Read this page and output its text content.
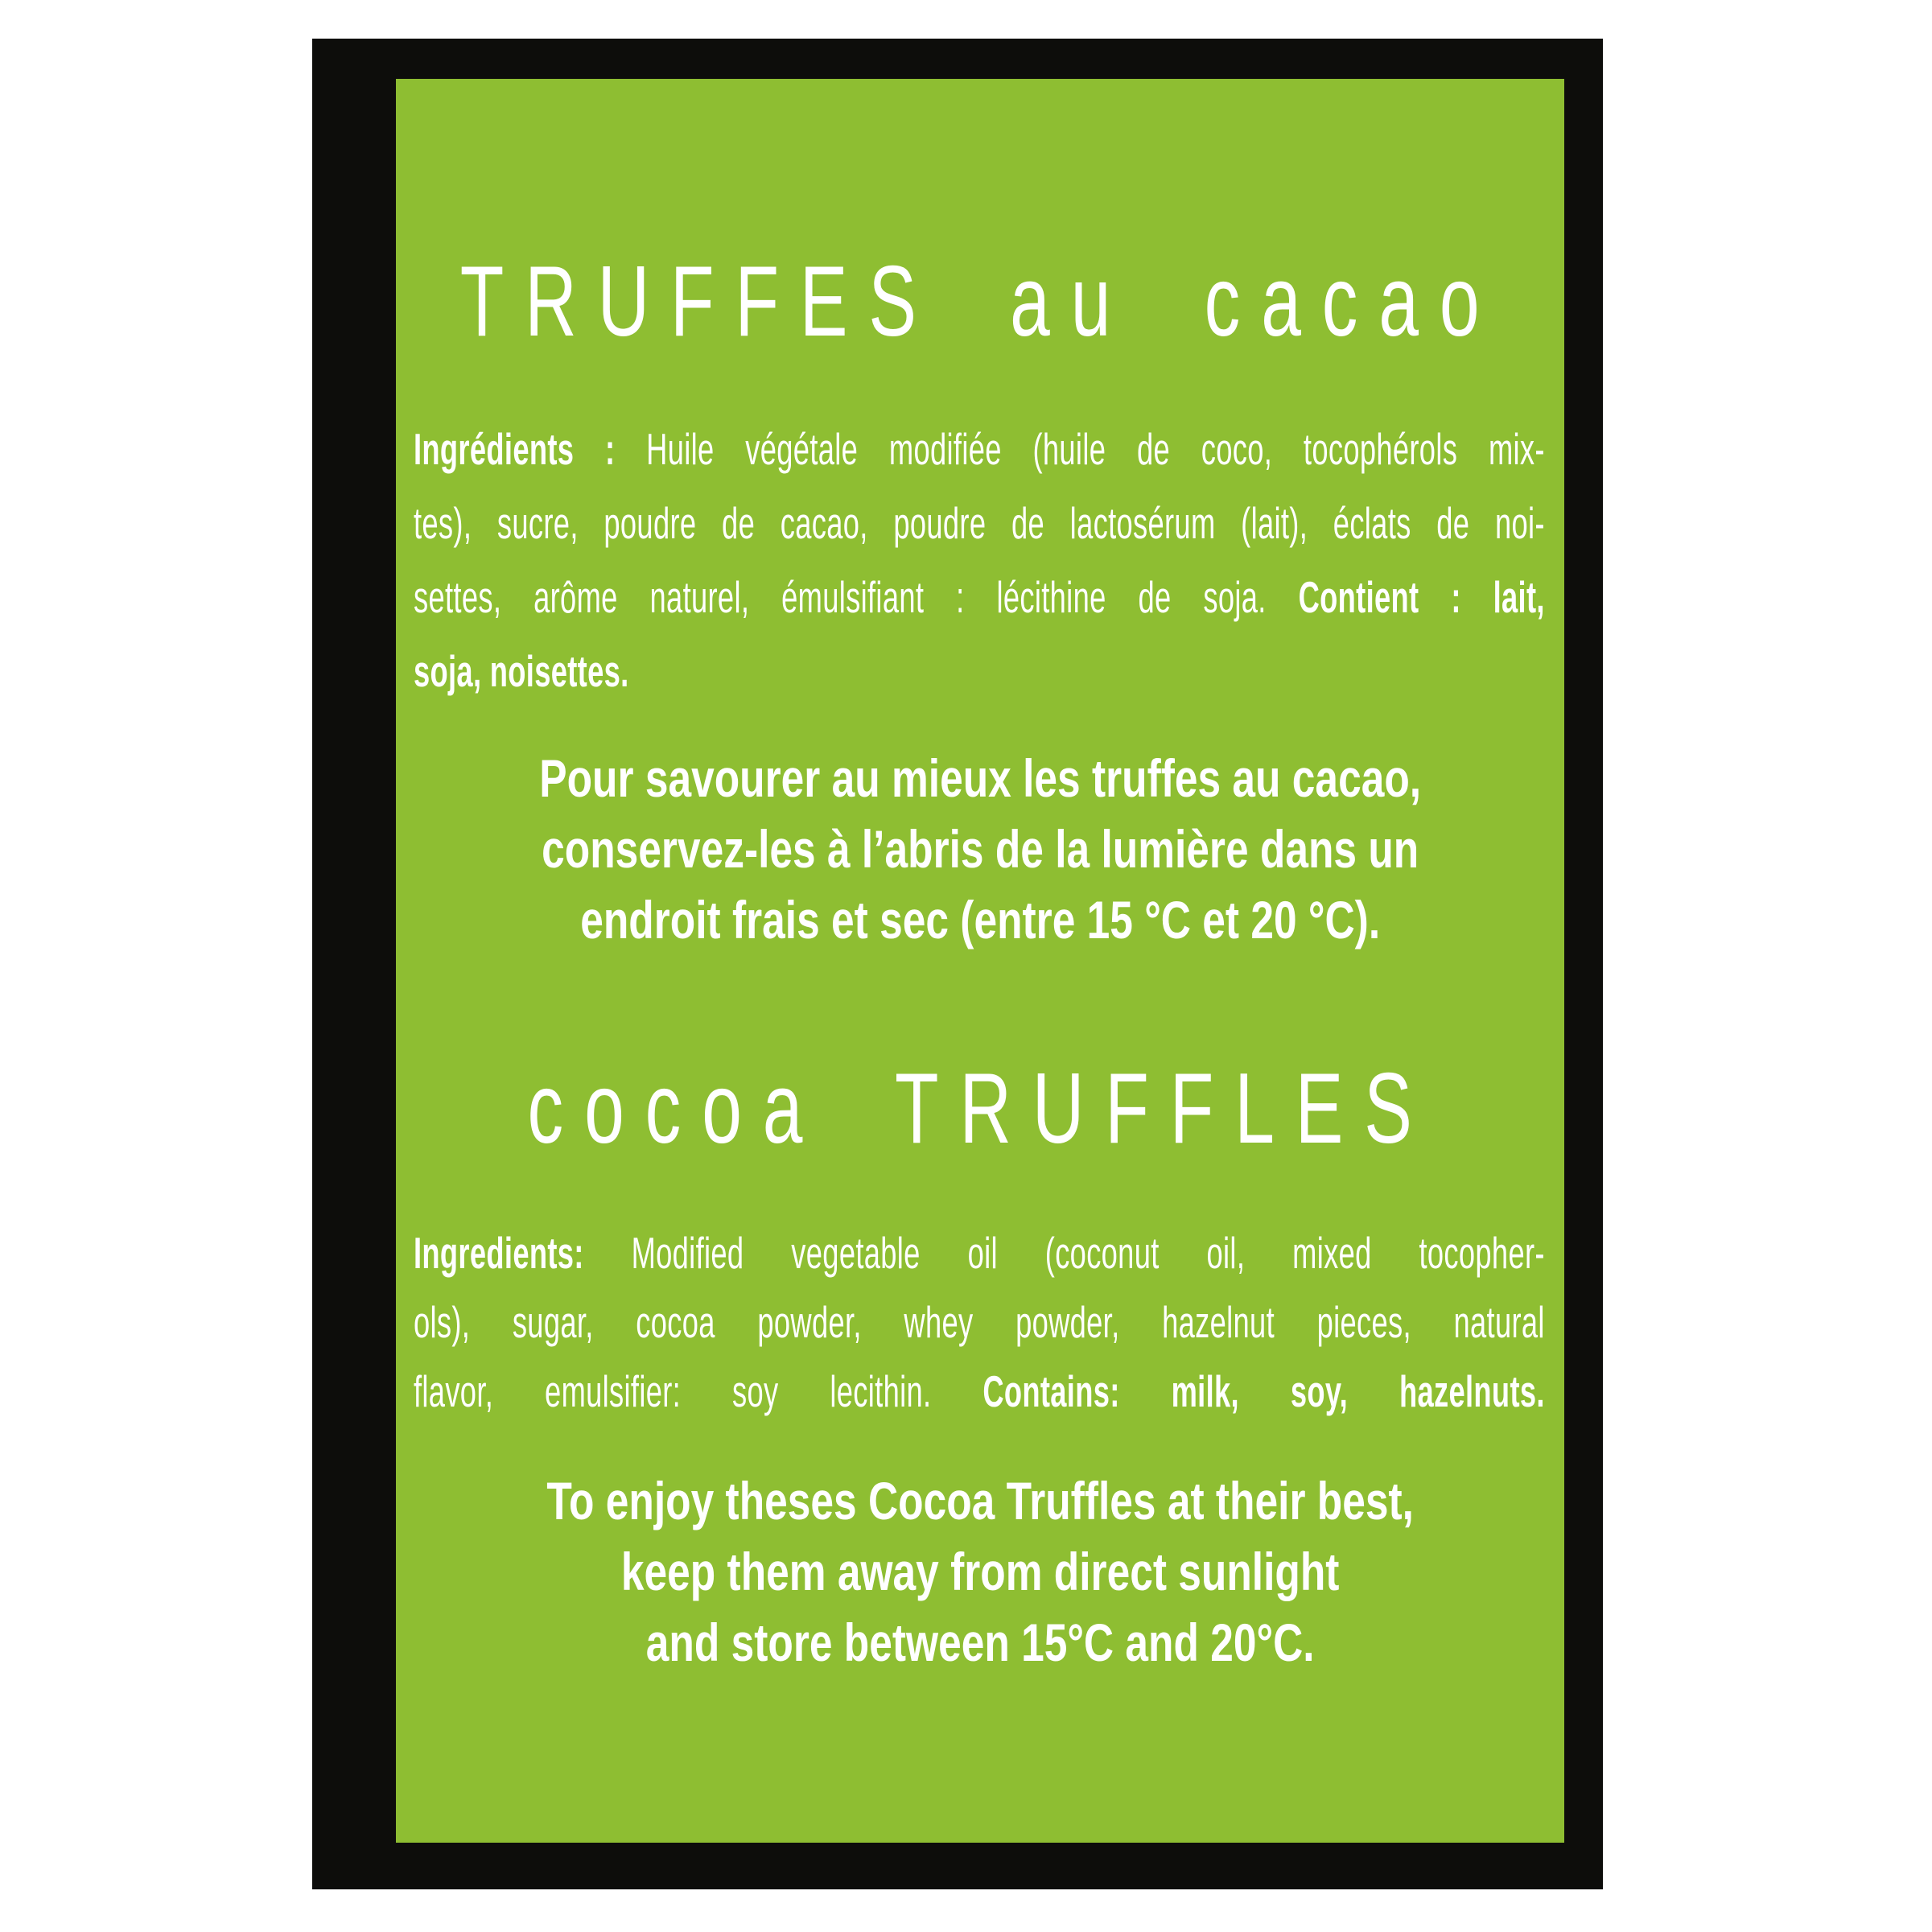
TRUFFES au cacao
Ingrédients : Huile végétale modifiée (huile de coco, tocophérols mix-
tes), sucre, poudre de cacao, poudre de lactosérum (lait), éclats de noi-
settes, arôme naturel, émulsifiant : lécithine de soja. Contient : lait,
soja, noisettes.
Pour savourer au mieux les truffes au cacao,
conservez-les à l’abris de la lumière dans un
endroit frais et sec (entre 15 °C et 20 °C).
cocoa TRUFFLES
Ingredients: Modified vegetable oil (coconut oil, mixed tocopher-
ols), sugar, cocoa powder, whey powder, hazelnut pieces, natural
flavor, emulsifier: soy lecithin. Contains: milk, soy, hazelnuts.
To enjoy theses Cocoa Truffles at their best,
keep them away from direct sunlight
and store between 15°C and 20°C.
